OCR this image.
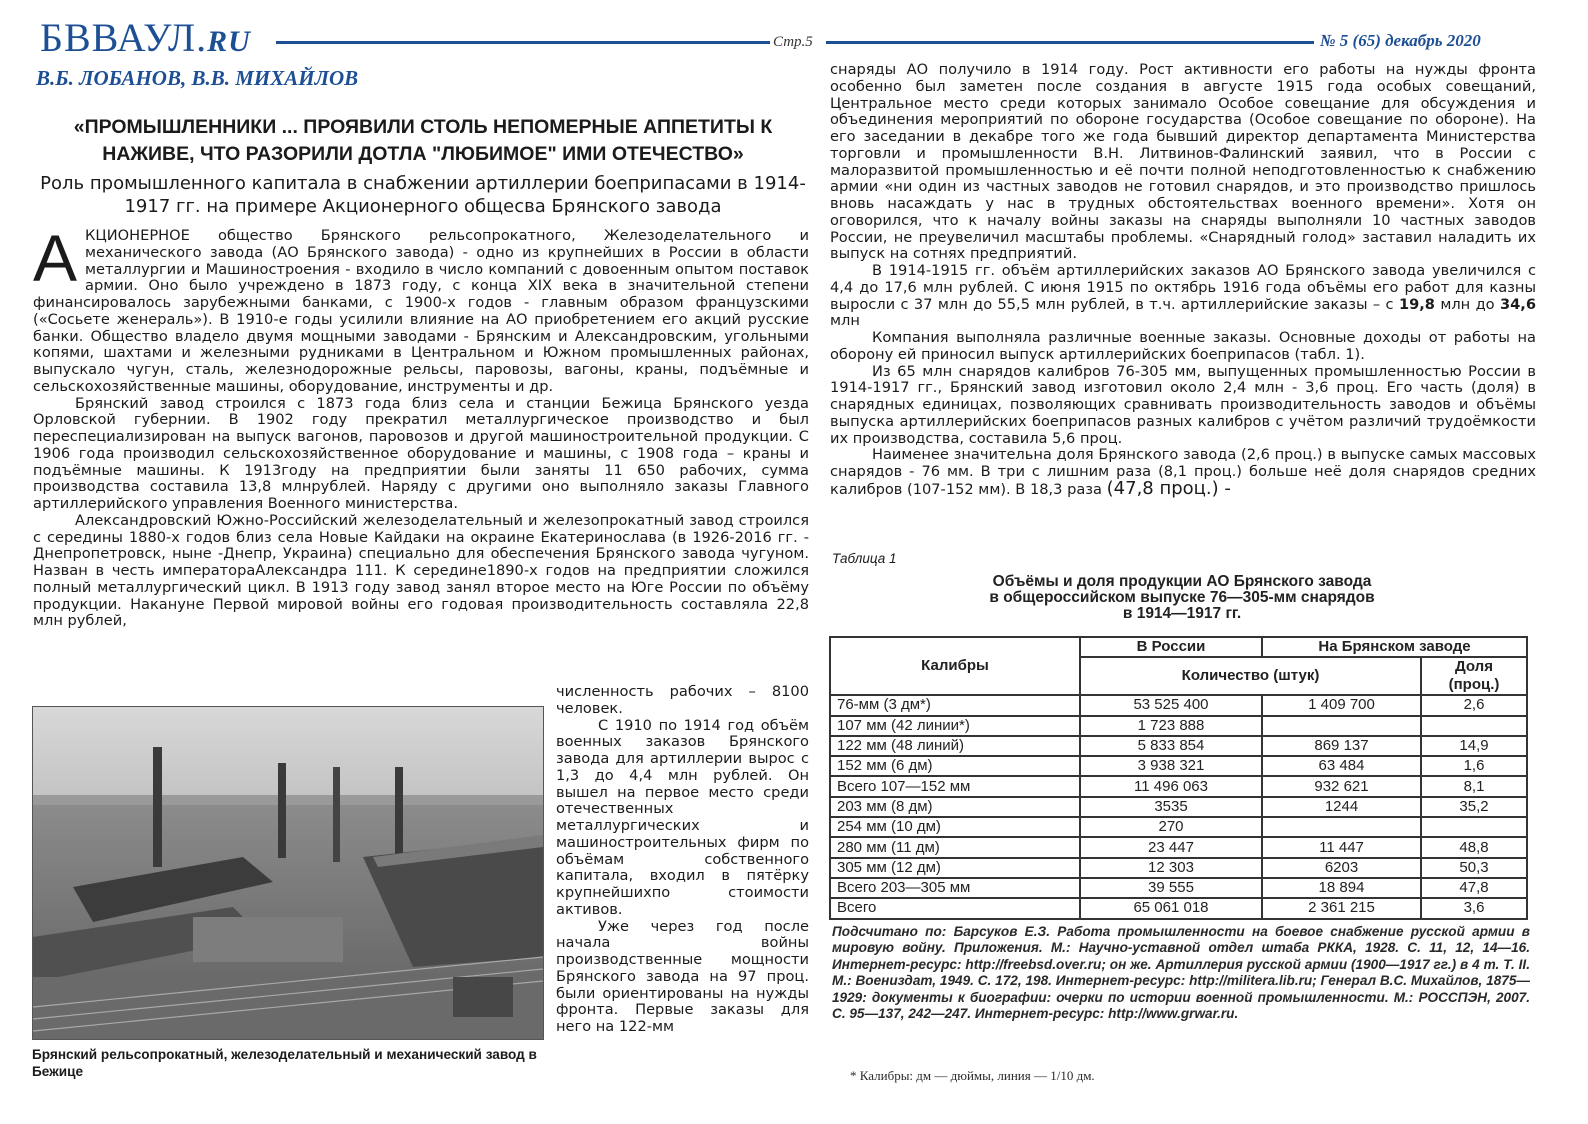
БВВАУЛ.RU	Стр.5	№ 5 (65) декабрь 2020
В.Б. ЛОБАНОВ, В.В. МИХАЙЛОВ
«ПРОМЫШЛЕННИКИ ... ПРОЯВИЛИ СТОЛЬ НЕПОМЕРНЫЕ АППЕТИТЫ К НАЖИВЕ, ЧТО РАЗОРИЛИ ДОТЛА "ЛЮБИМОЕ" ИМИ ОТЕЧЕСТВО»
Роль промышленного капитала в снабжении артиллерии боеприпасами в 1914-1917 гг. на примере Акционерного общесва Брянского завода

АКЦИОНЕРНОЕ общество Брянского рельсопрокатного, Железоделательного и механического завода (АО Брянского завода) - одно из крупнейших в России в области металлургии и Машиностроения - входило в число компаний с довоенным опытом поставок армии. Оно было учреждено в 1873 году, с конца XIX века в значительной степени финансировалось зарубежными банками, с 1900-х годов - главным образом французскими («Сосьете женераль»). В 1910-е годы усилили влияние на АО приобретением его акций русские банки. Общество владело двумя мощными заводами - Брянским и Александровским, угольными копями, шахтами и железными рудниками в Центральном и Южном промышленных районах, выпускало чугун, сталь, железнодорожные рельсы, паровозы, вагоны, краны, подъёмные и сельскохозяйственные машины, оборудование, инструменты и др.

Брянский завод строился с 1873 года близ села и станции Бежица Брянского уезда Орловской губернии. В 1902 году прекратил металлургическое производство и был переспециализирован на выпуск вагонов, паровозов и другой машиностроительной продукции. С 1906 года производил сельскохозяйственное оборудование и машины, с 1908 года – краны и подъёмные машины. К 1913году на предприятии были заняты 11 650 рабочих, сумма производства составила 13,8 млнрублей. Наряду с другими оно выполняло заказы Главного артиллерийского управления Военного министерства.

Александровский Южно-Российский железоделательный и железопрокатный завод строился с середины 1880-х годов близ села Новые Кайдаки на окраине Екатеринослава (в 1926-2016 гг. - Днепропетровск, ныне -Днепр, Украина) специально для обеспечения Брянского завода чугуном. Назван в честь императораАлександра 111. К середине1890-х годов на предприятии сложился полный металлургический цикл. В 1913 году завод занял второе место на Юге России по объёму продукции. Накануне Первой мировой войны его годовая производительность составляла 22,8 млн рублей,

Брянский рельсопрокатный, железоделательный и механический завод в Бежице

численность рабочих – 8100 человек.

С 1910 по 1914 год объём военных заказов Брянского завода для артиллерии вырос с 1,3 до 4,4 млн рублей. Он вышел на первое место среди отечественных металлургических и машиностроительных фирм по объёмам собственного капитала, входил в пятёрку крупнейшихпо стоимости активов.

Уже через год после начала войны производственные мощности Брянского завода на 97 проц. были ориентированы на нужды фронта. Первые заказы для него на 122-мм

снаряды АО получило в 1914 году. Рост активности его работы на нужды фронта особенно был заметен после создания в августе 1915 года особых совещаний, Центральное место среди которых занимало Особое совещание для обсуждения и объединения мероприятий по обороне государства (Особое совещание по обороне). На его заседании в декабре того же года бывший директор департамента Министерства торговли и промышленности В.Н. Литвинов-Фалинский заявил, что в России с малоразвитой промышленностью и её почти полной неподготовленностью к снабжению армии «ни один из частных заводов не готовил снарядов, и это производство пришлось вновь насаждать у нас в трудных обстоятельствах военного времени». Хотя он оговорился, что к началу войны заказы на снаряды выполняли 10 частных заводов России, не преувеличил масштабы проблемы. «Снарядный голод» заставил наладить их выпуск на сотнях предприятий.

В 1914-1915 гг. объём артиллерийских заказов АО Брянского завода увеличился с 4,4 до 17,6 млн рублей. С июня 1915 по октябрь 1916 года объёмы его работ для казны выросли с 37 млн до 55,5 млн рублей, в т.ч. артиллерийские заказы – с 19,8 млн до 34,6 млн

Компания выполняла различные военные заказы. Основные доходы от работы на оборону ей приносил выпуск артиллерийских боеприпасов (табл. 1).

Из 65 млн снарядов калибров 76-305 мм, выпущенных промышленностью России в 1914-1917 гг., Брянский завод изготовил около 2,4 млн - 3,6 проц. Его часть (доля) в снарядных единицах, позволяющих сравнивать производительность заводов и объёмы выпуска артиллерийских боеприпасов разных калибров с учётом различий трудоёмкости их производства, составила 5,6 проц.

Наименее значительна доля Брянского завода (2,6 проц.) в выпуске самых массовых снарядов - 76 мм. В три с лишним раза (8,1 проц.) больше неё доля снарядов средних калибров (107-152 мм). В 18,3 раза (47,8 проц.) -

Таблица 1
Объёмы и доля продукции АО Брянского завода
в общероссийском выпуске 76—305-мм снарядов
в 1914—1917 гг.
Калибры	В России	На Брянском заводе	
	Количество (штук)		Доля (проц.)
76-мм (3 дм*)	53 525 400	1 409 700	2,6
107 мм (42 линии*)	1 723 888		
122 мм (48 линий)	5 833 854	869 137	14,9
152 мм (6 дм)	3 938 321	63 484	1,6
Всего 107—152 мм	11 496 063	932 621	8,1
203 мм (8 дм)	3535	1244	35,2
254 мм (10 дм)	270		
280 мм (11 дм)	23 447	11 447	48,8
305 мм (12 дм)	12 303	6203	50,3
Всего 203—305 мм	39 555	18 894	47,8
Всего	65 061 018	2 361 215	3,6
Подсчитано по: Барсуков Е.З. Работа промышленности на боевое снабжение русской армии в мировую войну. Приложения. М.: Научно-уставной отдел штаба РККА, 1928. С. 11, 12, 14—16. Интернет-ресурс: http://freebsd.over.ru; он же. Артиллерия русской армии (1900—1917 гг.) в 4 т. Т. II. М.: Воениздат, 1949. С. 172, 198. Интернет-ресурс: http://militera.lib.ru; Генерал В.С. Михайлов, 1875—1929: документы к биографии: очерки по истории военной промышленности. М.: РОССПЭН, 2007. С. 95—137, 242—247. Интернет-ресурс: http://www.grwar.ru.
* Калибры: дм — дюймы, линия — 1/10 дм.
